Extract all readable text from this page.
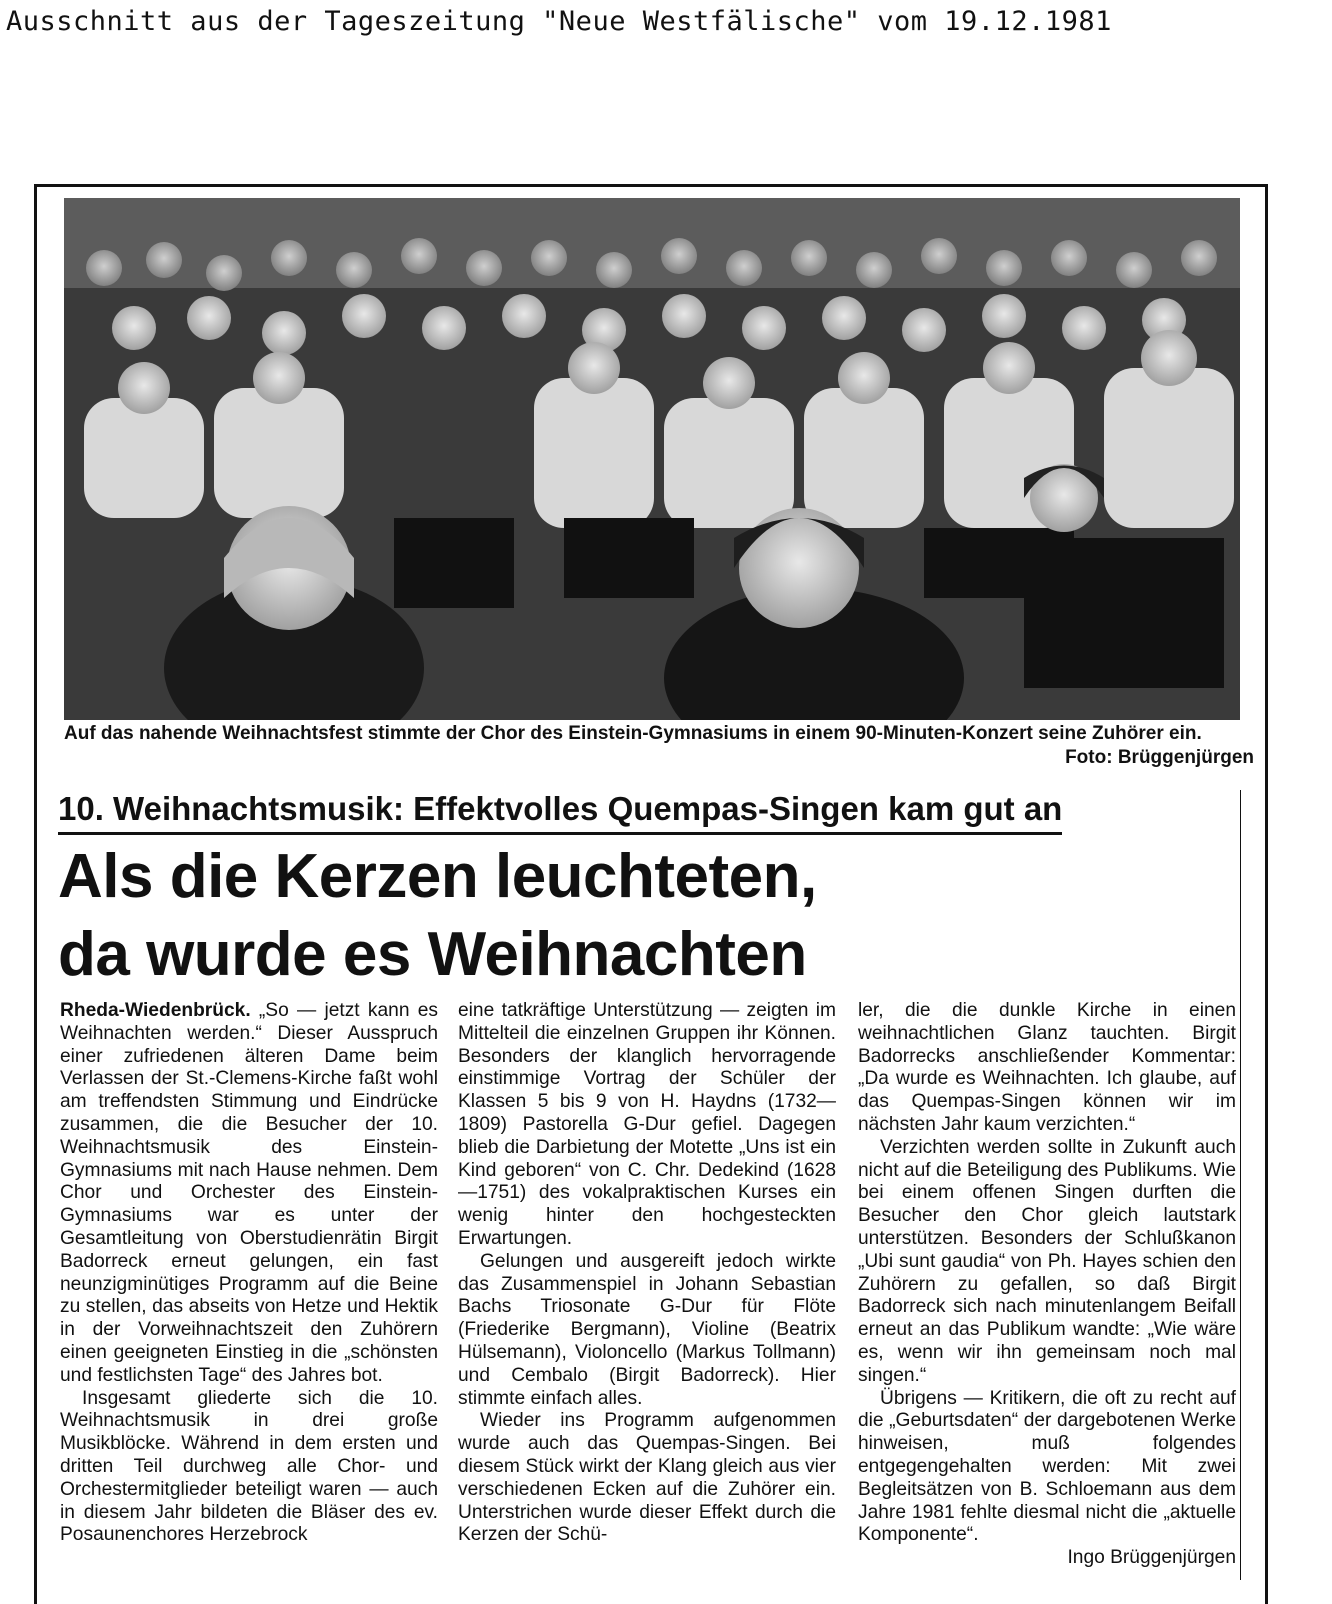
Ausschnitt aus der Tageszeitung "Neue Westfälische" vom 19.12.1981
Auf das nahende Weihnachtsfest stimmte der Chor des Einstein-Gymnasiums in einem 90-Minuten-Konzert seine Zuhörer ein.
Foto: Brüggenjürgen
10. Weihnachtsmusik: Effektvolles Quempas-Singen kam gut an
Als die Kerzen leuchteten,
da wurde es Weihnachten

Rheda-Wiedenbrück. „So — jetzt kann es Weihnachten werden.“ Dieser Ausspruch einer zufriedenen älteren Dame beim Verlassen der St.-Clemens-Kirche faßt wohl am treffendsten Stimmung und Eindrücke zusammen, die die Besucher der 10. Weihnachtsmusik des Einstein-Gymnasiums mit nach Hause nehmen. Dem Chor und Orchester des Einstein-Gymnasiums war es unter der Gesamtleitung von Oberstudienrätin Birgit Badorreck erneut gelungen, ein fast neunzigminütiges Programm auf die Beine zu stellen, das abseits von Hetze und Hektik in der Vorweihnachtszeit den Zuhörern einen geeigneten Einstieg in die „schönsten und festlichsten Tage“ des Jahres bot.

Insgesamt gliederte sich die 10. Weihnachtsmusik in drei große Musikblöcke. Während in dem ersten und dritten Teil durchweg alle Chor- und Orchestermitglieder beteiligt waren — auch in diesem Jahr bildeten die Bläser des ev. Posaunenchores Herzebrock

eine tatkräftige Unterstützung — zeigten im Mittelteil die einzelnen Gruppen ihr Können. Besonders der klanglich hervorragende einstimmige Vortrag der Schüler der Klassen 5 bis 9 von H. Haydns (1732—1809) Pastorella G-Dur gefiel. Dagegen blieb die Darbietung der Motette „Uns ist ein Kind geboren“ von C. Chr. Dedekind (1628—1751) des vokalpraktischen Kurses ein wenig hinter den hochgesteckten Erwartungen.

Gelungen und ausgereift jedoch wirkte das Zusammenspiel in Johann Sebastian Bachs Triosonate G-Dur für Flöte (Friederike Bergmann), Violine (Beatrix Hülsemann), Violoncello (Markus Tollmann) und Cembalo (Birgit Badorreck). Hier stimmte einfach alles.

Wieder ins Programm aufgenommen wurde auch das Quempas-Singen. Bei diesem Stück wirkt der Klang gleich aus vier verschiedenen Ecken auf die Zuhörer ein. Unterstrichen wurde dieser Effekt durch die Kerzen der Schü-

ler, die die dunkle Kirche in einen weihnachtlichen Glanz tauchten. Birgit Badorrecks anschließender Kommentar: „Da wurde es Weihnachten. Ich glaube, auf das Quempas-Singen können wir im nächsten Jahr kaum verzichten.“

Verzichten werden sollte in Zukunft auch nicht auf die Beteiligung des Publikums. Wie bei einem offenen Singen durften die Besucher den Chor gleich lautstark unterstützen. Besonders der Schlußkanon „Ubi sunt gaudia“ von Ph. Hayes schien den Zuhörern zu gefallen, so daß Birgit Badorreck sich nach minutenlangem Beifall erneut an das Publikum wandte: „Wie wäre es, wenn wir ihn gemeinsam noch mal singen.“

Übrigens — Kritikern, die oft zu recht auf die „Geburtsdaten“ der dargebotenen Werke hinweisen, muß folgendes entgegengehalten werden: Mit zwei Begleitsätzen von B. Schloemann aus dem Jahre 1981 fehlte diesmal nicht die „aktuelle Komponente“.

Ingo Brüggenjürgen
